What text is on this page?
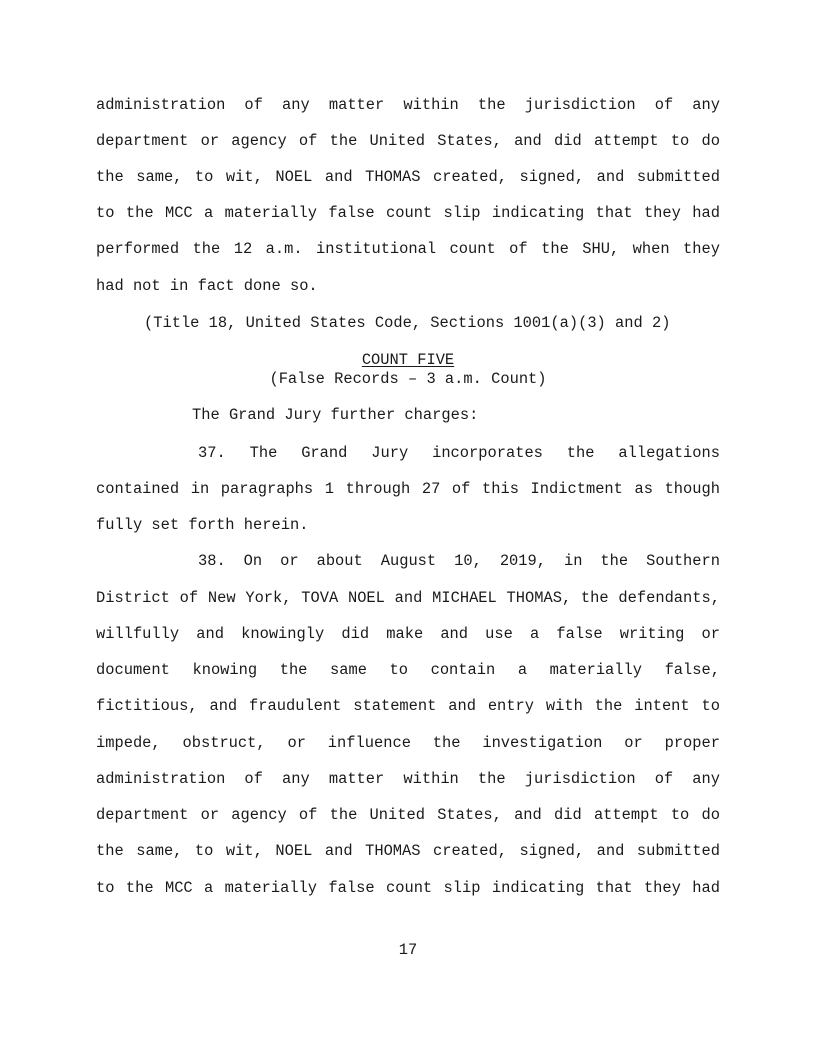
administration of any matter within the jurisdiction of any

department or agency of the United States, and did attempt to do

the same, to wit, NOEL and THOMAS created, signed, and submitted

to the MCC a materially false count slip indicating that they had

performed the 12 a.m. institutional count of the SHU, when they

had not in fact done so.

(Title 18, United States Code, Sections 1001(a)(3) and 2)

COUNT FIVE

(False Records – 3 a.m. Count)

The Grand Jury further charges:

37. The Grand Jury incorporates the allegations

contained in paragraphs 1 through 27 of this Indictment as though

fully set forth herein.

38. On or about August 10, 2019, in the Southern

District of New York, TOVA NOEL and MICHAEL THOMAS, the defendants,

willfully and knowingly did make and use a false writing or

document knowing the same to contain a materially false,

fictitious, and fraudulent statement and entry with the intent to

impede, obstruct, or influence the investigation or proper

administration of any matter within the jurisdiction of any

department or agency of the United States, and did attempt to do

the same, to wit, NOEL and THOMAS created, signed, and submitted

to the MCC a materially false count slip indicating that they had

17
